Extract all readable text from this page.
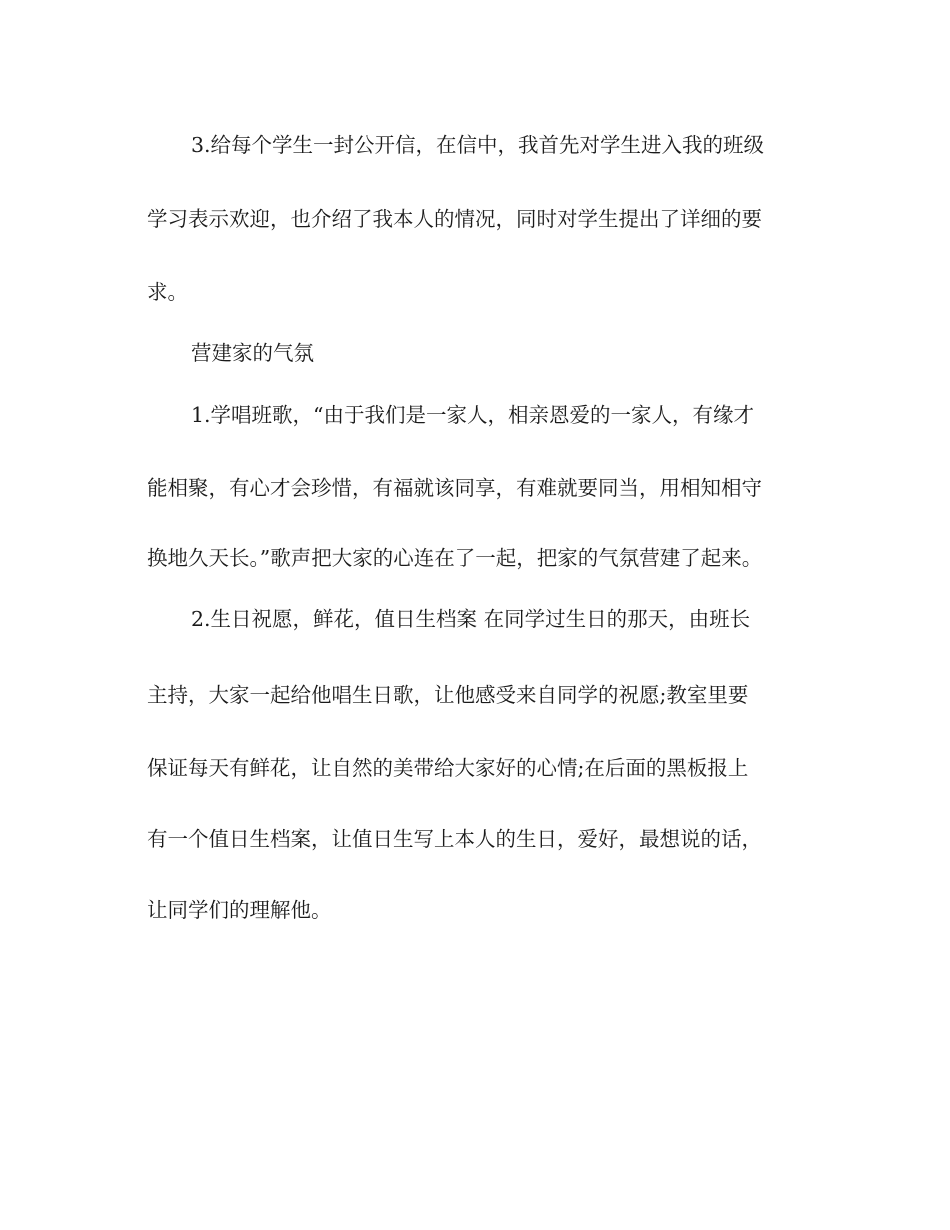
3.给每个学生一封公开信，在信中，我首先对学生进入我的班级
学习表示欢迎，也介绍了我本人的情况，同时对学生提出了详细的要
求。
营建家的气氛
1.学唱班歌，“由于我们是一家人，相亲恩爱的一家人，有缘才
能相聚，有心才会珍惜，有福就该同享，有难就要同当，用相知相守
换地久天长。”歌声把大家的心连在了一起，把家的气氛营建了起来。
2.生日祝愿，鲜花，值日生档案 在同学过生日的那天，由班长
主持，大家一起给他唱生日歌，让他感受来自同学的祝愿;教室里要
保证每天有鲜花，让自然的美带给大家好的心情;在后面的黑板报上
有一个值日生档案，让值日生写上本人的生日，爱好，最想说的话，
让同学们的理解他。
